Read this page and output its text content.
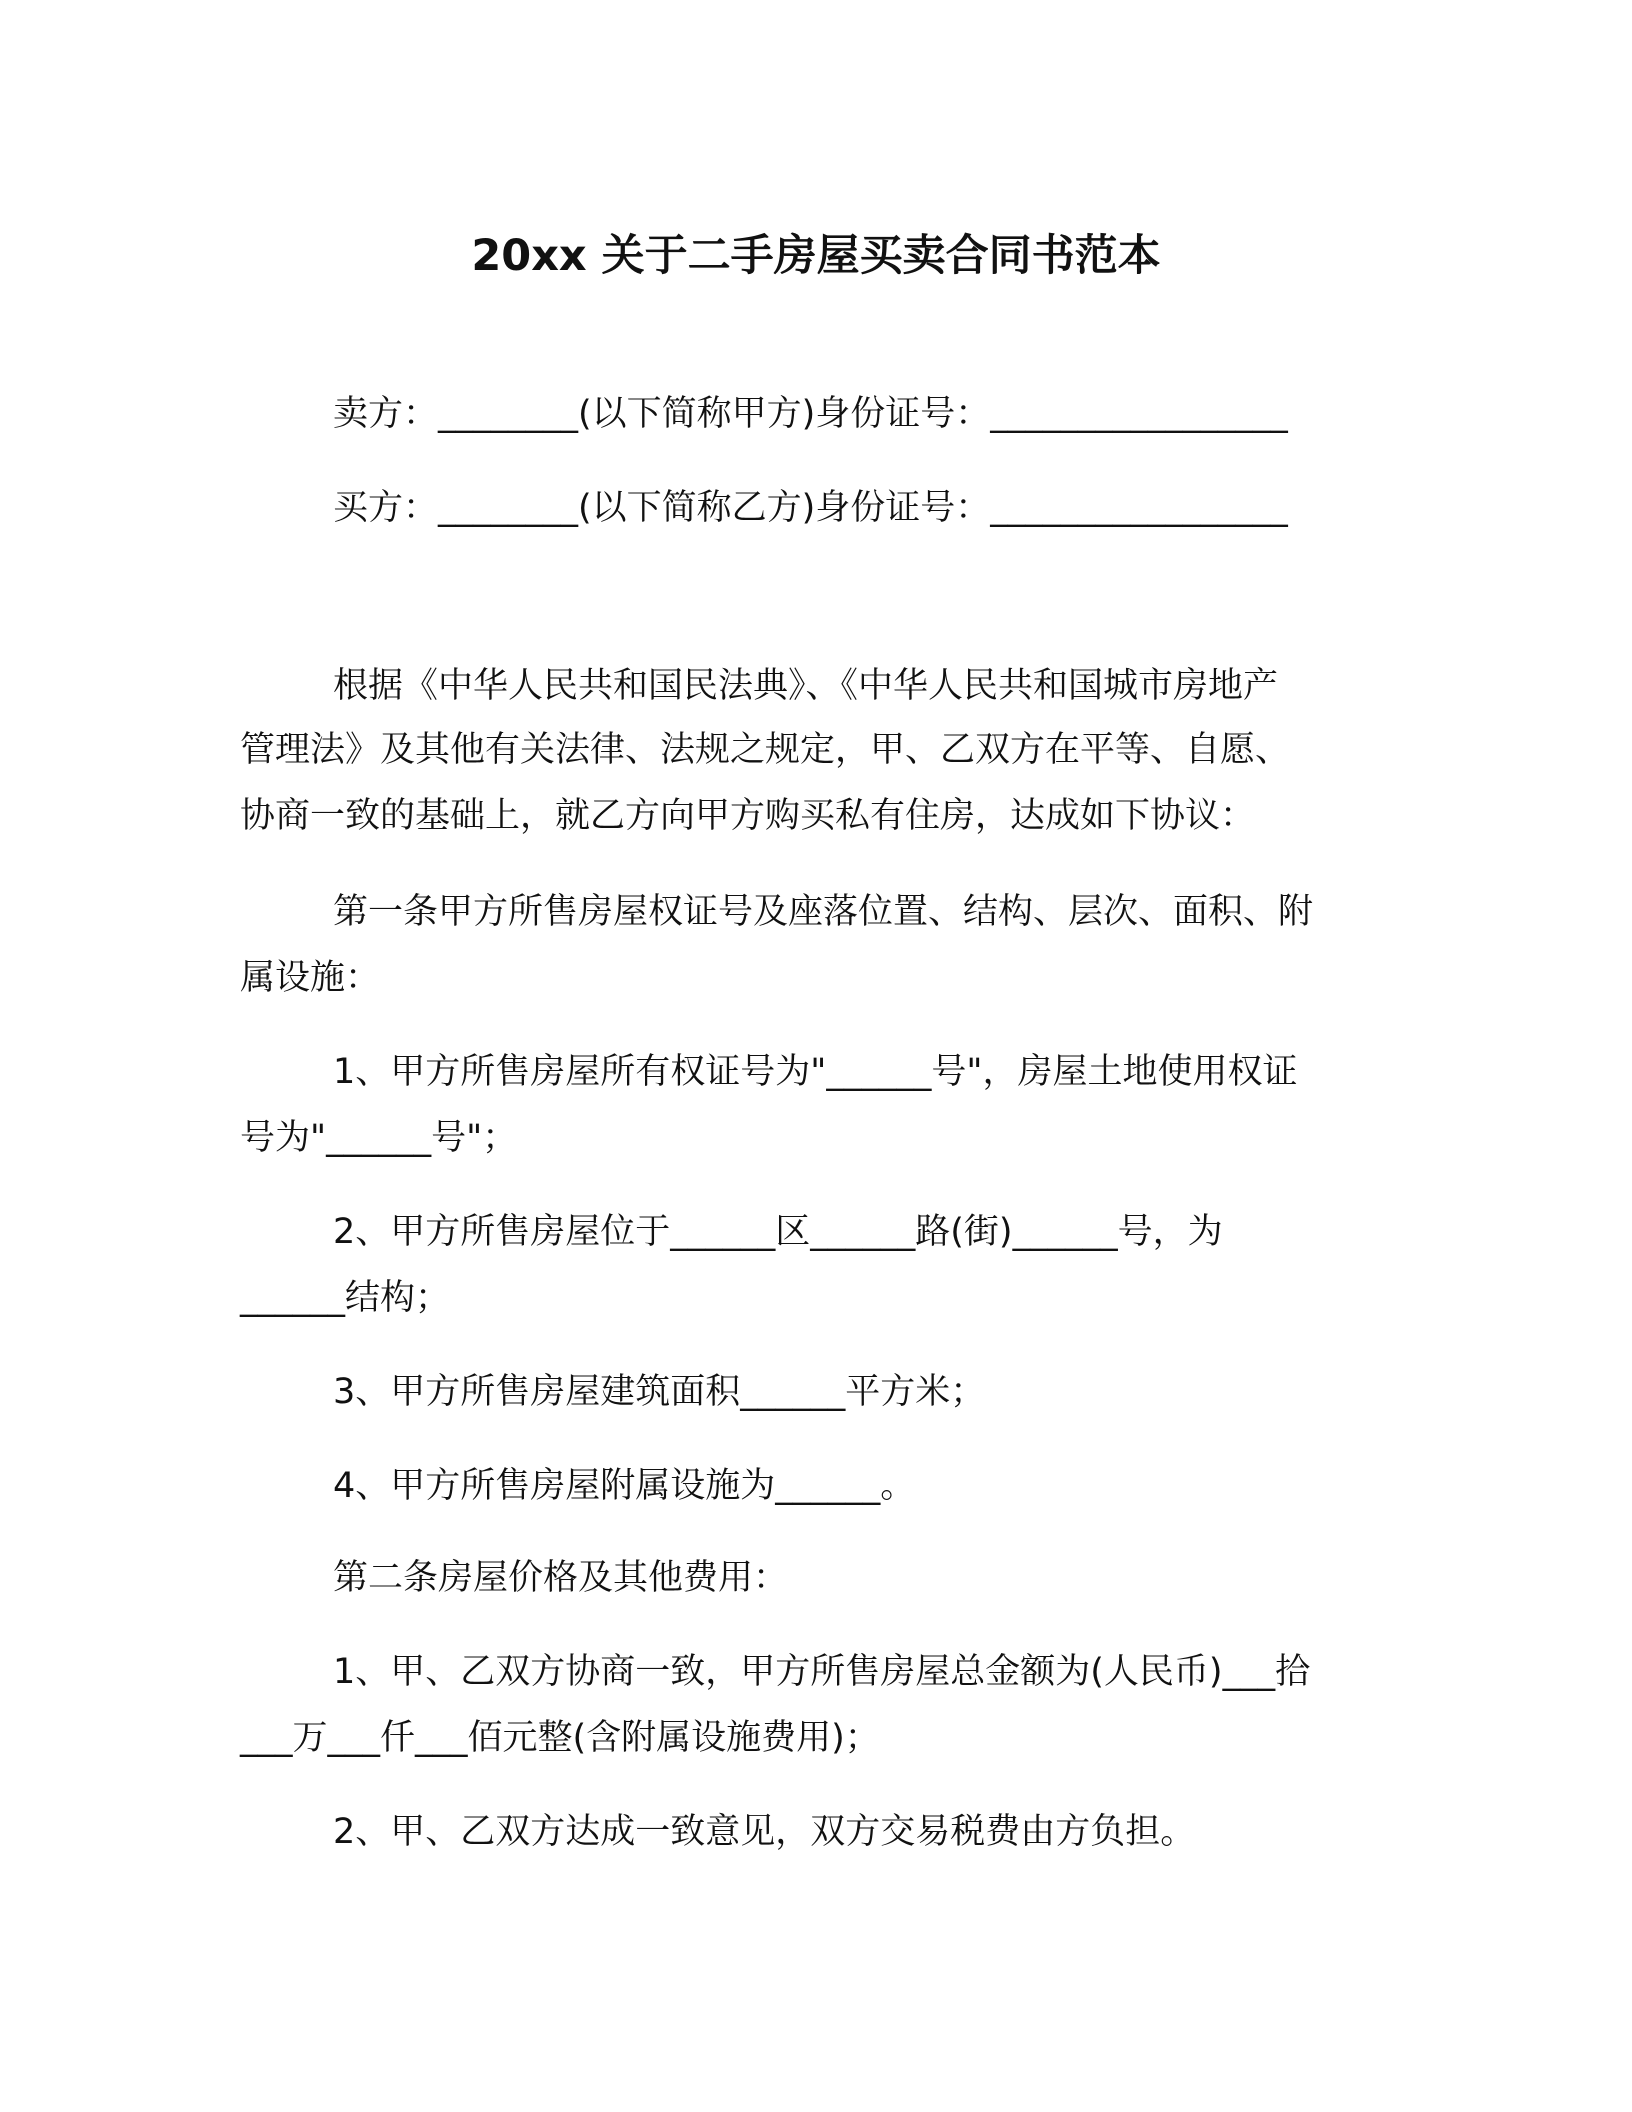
20xx 关于二手房屋买卖合同书范本
卖方：________(以下简称甲方)身份证号：_________________
买方：________(以下简称乙方)身份证号：_________________
根据《中华人民共和国民法典》、《中华人民共和国城市房地产
管理法》及其他有关法律、法规之规定，甲、乙双方在平等、自愿、
协商一致的基础上，就乙方向甲方购买私有住房，达成如下协议：
第一条甲方所售房屋权证号及座落位置、结构、层次、面积、附
属设施：
1、甲方所售房屋所有权证号为"______号"，房屋土地使用权证
号为"______号"；
2、甲方所售房屋位于______区______路(街)______号，为
______结构；
3、甲方所售房屋建筑面积______平方米；
4、甲方所售房屋附属设施为______。
第二条房屋价格及其他费用：
1、甲、乙双方协商一致，甲方所售房屋总金额为(人民币)___拾
___万___仟___佰元整(含附属设施费用)；
2、甲、乙双方达成一致意见，双方交易税费由方负担。
